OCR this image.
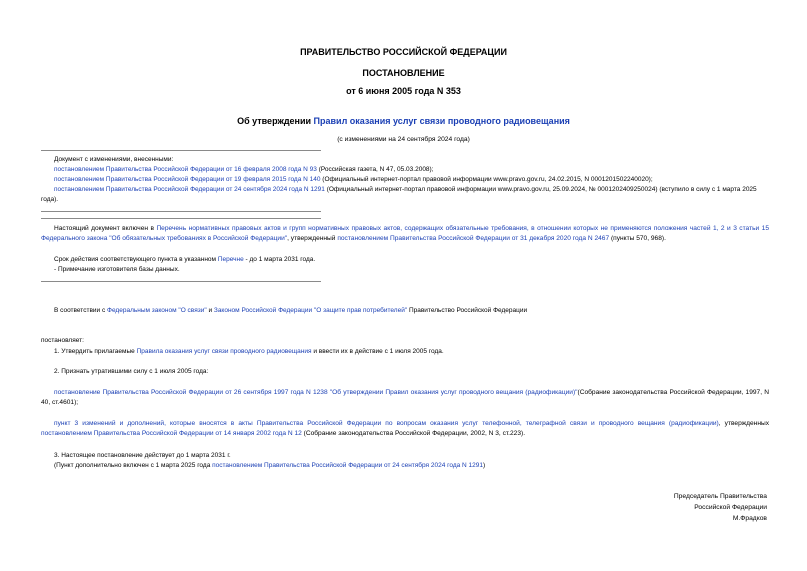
ПРАВИТЕЛЬСТВО РОССИЙСКОЙ ФЕДЕРАЦИИ
ПОСТАНОВЛЕНИЕ
от 6 июня 2005 года N 353
Об утверждении Правил оказания услуг связи проводного радиовещания
(с изменениями на 24 сентября 2024 года)
Документ с изменениями, внесенными:
постановлением Правительства Российской Федерации от 16 февраля 2008 года N 93 (Российская газета, N 47, 05.03.2008);
постановлением Правительства Российской Федерации от 19 февраля 2015 года N 140 (Официальный интернет-портал правовой информации www.pravo.gov.ru, 24.02.2015, N 0001201502240020);
постановлением Правительства Российской Федерации от 24 сентября 2024 года N 1291 (Официальный интернет-портал правовой информации www.pravo.gov.ru, 25.09.2024, № 0001202409250024) (вступило в силу с 1 марта 2025 года).
Настоящий документ включен в Перечень нормативных правовых актов и групп нормативных правовых актов, содержащих обязательные требования, в отношении которых не применяются положения частей 1, 2 и 3 статьи 15 Федерального закона "Об обязательных требованиях в Российской Федерации", утвержденный постановлением Правительства Российской Федерации от 31 декабря 2020 года N 2467 (пункты 570, 968).
Срок действия соответствующего пункта в указанном Перечне - до 1 марта 2031 года.
- Примечание изготовителя базы данных.
В соответствии с Федеральным законом "О связи" и Законом Российской Федерации "О защите прав потребителей" Правительство Российской Федерации
постановляет:
1. Утвердить прилагаемые Правила оказания услуг связи проводного радиовещания и ввести их в действие с 1 июля 2005 года.
2. Признать утратившими силу с 1 июля 2005 года:
постановление Правительства Российской Федерации от 26 сентября 1997 года N 1238 "Об утверждении Правил оказания услуг проводного вещания (радиофикации)"(Собрание законодательства Российской Федерации, 1997, N 40, ст.4601);
пункт 3 изменений и дополнений, которые вносятся в акты Правительства Российской Федерации по вопросам оказания услуг телефонной, телеграфной связи и проводного вещания (радиофикации), утвержденных постановлением Правительства Российской Федерации от 14 января 2002 года N 12 (Собрание законодательства Российской Федерации, 2002, N 3, ст.223).
3. Настоящее постановление действует до 1 марта 2031 г.
(Пункт дополнительно включен с 1 марта 2025 года постановлением Правительства Российской Федерации от 24 сентября 2024 года N 1291)
Председатель Правительства
Российской Федерации
М.Фрадков
